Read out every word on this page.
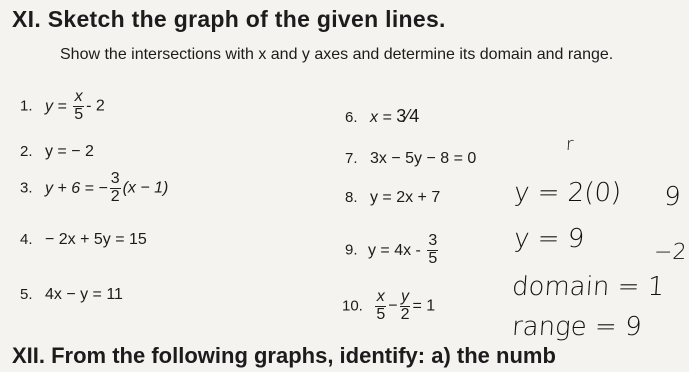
XI. Sketch the graph of the given lines.
Show the intersections with x and y axes and determine its domain and range.
1. $y = \frac{x}{5} - 2$
2. y = − 2
3. y + 6 = − $\frac{3}{2} (x - 1)$
4. − 2x + 5y = 15
5. 4x − y = 11
6. x = 3⁄4
7. 3x − 5y − 8 = 0
8. y = 2x + 7
9. $y = 4x - \frac{3}{5}$
10. $\frac{x}{5} - \frac{y}{2} = 1$
y = 2(0)
y = 9
domain = 1
range = 9
9
−2
r
XII. From the following graphs, identify: a) the numb
